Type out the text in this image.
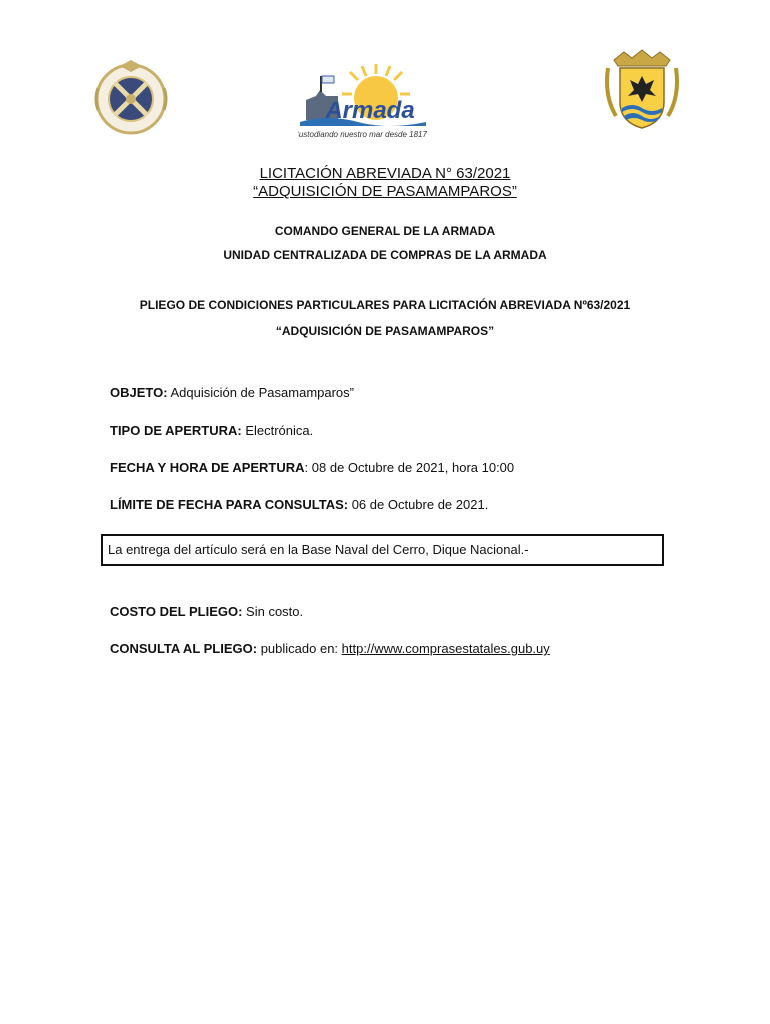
Armada
Custodiando nuestro mar desde 1817
LICITACIÓN ABREVIADA N° 63/2021
“ADQUISICIÓN DE PASAMAMPAROS”
COMANDO GENERAL DE LA ARMADA
UNIDAD CENTRALIZADA DE COMPRAS DE LA ARMADA
PLIEGO DE CONDICIONES PARTICULARES PARA LICITACIÓN ABREVIADA Nº63/2021
“ADQUISICIÓN DE PASAMAMPAROS”
OBJETO: Adquisición de Pasamamparos”
TIPO DE APERTURA: Electrónica.
FECHA Y HORA DE APERTURA: 08 de Octubre de 2021, hora 10:00
LÍMITE DE FECHA PARA CONSULTAS: 06 de Octubre de 2021.
La entrega del artículo será en la Base Naval del Cerro, Dique Nacional.-
COSTO DEL PLIEGO: Sin costo.
CONSULTA AL PLIEGO: publicado en: http://www.comprasestatales.gub.uy
